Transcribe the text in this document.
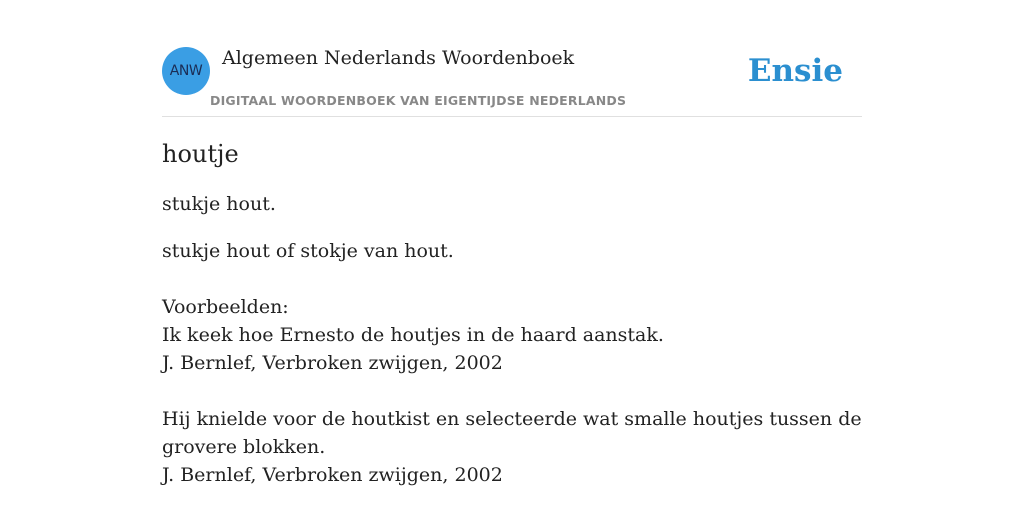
ANW
Algemeen Nederlands Woordenboek
DIGITAAL WOORDENBOEK VAN EIGENTIJDSE NEDERLANDS
Ensie
houtje

stukje hout.

stukje hout of stokje van hout.

Voorbeelden:
Ik keek hoe Ernesto de houtjes in de haard aanstak.
J. Bernlef, Verbroken zwijgen, 2002
Hij knielde voor de houtkist en selecteerde wat smalle houtjes tussen de grovere blokken.
J. Bernlef, Verbroken zwijgen, 2002
